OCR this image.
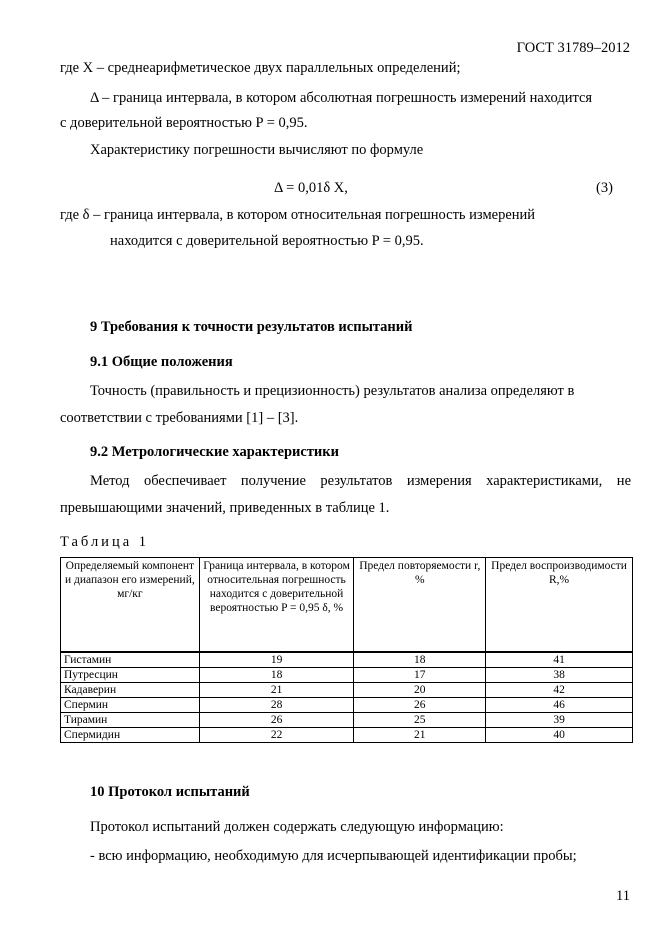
ГОСТ 31789–2012
где X – среднеарифметическое двух параллельных определений;
Δ – граница интервала, в котором абсолютная погрешность измерений находится
с доверительной вероятностью P = 0,95.
Характеристику погрешности вычисляют по формуле
Δ = 0,01δ X,	(3)
где δ – граница интервала, в котором относительная погрешность измерений
находится с доверительной вероятностью P = 0,95.
9 Требования к точности результатов испытаний
9.1 Общие положения
Точность (правильность и прецизионность) результатов анализа определяют в
соответствии с требованиями [1] – [3].
9.2 Метрологические характеристики
Метод обеспечивает получение результатов измерения характеристиками, не
превышающими значений, приведенных в таблице 1.
Таблица 1
Определяемый компонент и диапазон его измерений, мг/кг	Граница интервала, в котором относительная погрешность находится с доверительной вероятностью P = 0,95 δ, %	Предел повторяемости r, %	Предел воспроизводимости R,%
Гистамин	19	18	41
Путресцин	18	17	38
Кадаверин	21	20	42
Спермин	28	26	46
Тирамин	26	25	39
Спермидин	22	21	40
10 Протокол испытаний
Протокол испытаний должен содержать следующую информацию:
- всю информацию, необходимую для исчерпывающей идентификации пробы;
11
